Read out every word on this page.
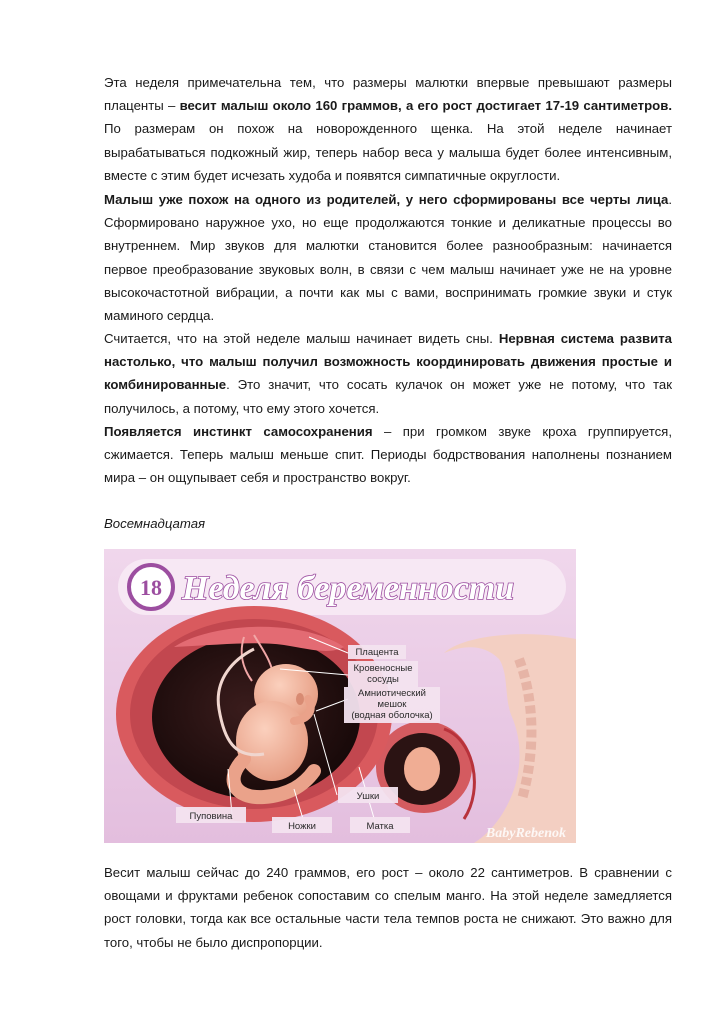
Эта неделя примечательна тем, что размеры малютки впервые превышают размеры плаценты – весит малыш около 160 граммов, а его рост достигает 17-19 сантиметров. По размерам он похож на новорожденного щенка. На этой неделе начинает вырабатываться подкожный жир, теперь набор веса у малыша будет более интенсивным, вместе с этим будет исчезать худоба и появятся симпатичные округлости.

Малыш уже похож на одного из родителей, у него сформированы все черты лица. Сформировано наружное ухо, но еще продолжаются тонкие и деликатные процессы во внутреннем. Мир звуков для малютки становится более разнообразным: начинается первое преобразование звуковых волн, в связи с чем малыш начинает уже не на уровне высокочастотной вибрации, а почти как мы с вами, воспринимать громкие звуки и стук маминого сердца.

Считается, что на этой неделе малыш начинает видеть сны. Нервная система развита настолько, что малыш получил возможность координировать движения простые и комбинированные. Это значит, что сосать кулачок он может уже не потому, что так получилось, а потому, что ему этого хочется.

Появляется инстинкт самосохранения – при громком звуке кроха группируется, сжимается. Теперь малыш меньше спит. Периоды бодрствования наполнены познанием мира – он ощупывает себя и пространство вокруг.

Восемнадцатая

18 Неделя беременности
Плацента
Кровеносные
сосуды
Амниотический
мешок
(водная оболочка)
Пуповина
Ножки
Ушки
Матка	BabyRebenok

Весит малыш сейчас до 240 граммов, его рост – около 22 сантиметров. В сравнении с овощами и фруктами ребенок сопоставим со спелым манго. На этой неделе замедляется рост головки, тогда как все остальные части тела темпов роста не снижают. Это важно для того, чтобы не было диспропорции.
